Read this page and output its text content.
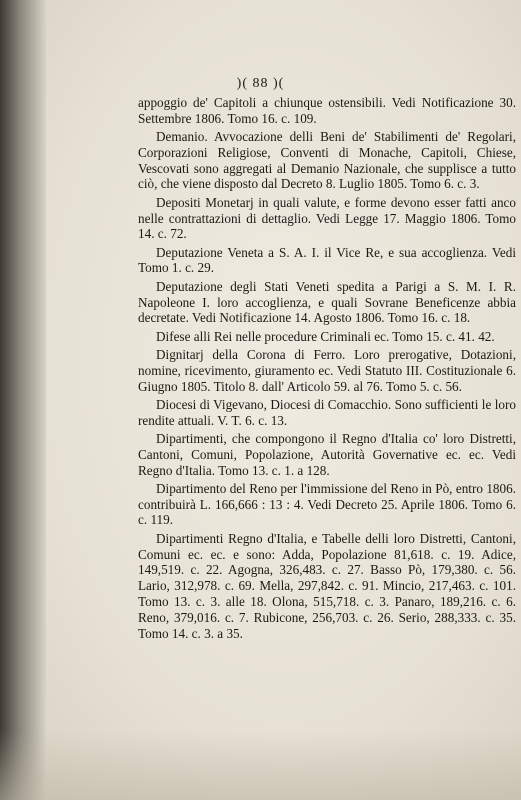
)( 88 )(

appoggio de' Capitoli a chiunque ostensibili. Vedi Notificazione 30. Settembre 1806. Tomo 16. c. 109.

Demanio. Avvocazione delli Beni de' Stabilimenti de' Regolari, Corporazioni Religiose, Conventi di Monache, Capitoli, Chiese, Vescovati sono aggregati al Demanio Nazionale, che supplisce a tutto ciò, che viene disposto dal Decreto 8. Luglio 1805. Tomo 6. c. 3.

Depositi Monetarj in quali valute, e forme devono esser fatti anco nelle contrattazioni di dettaglio. Vedi Legge 17. Maggio 1806. Tomo 14. c. 72.

Deputazione Veneta a S. A. I. il Vice Re, e sua accoglienza. Vedi Tomo 1. c. 29.

Deputazione degli Stati Veneti spedita a Parigi a S. M. I. R. Napoleone I. loro accoglienza, e quali Sovrane Beneficenze abbia decretate. Vedi Notificazione 14. Agosto 1806. Tomo 16. c. 18.

Difese alli Rei nelle procedure Criminali ec. Tomo 15. c. 41. 42.

Dignitarj della Corona di Ferro. Loro prerogative, Dotazioni, nomine, ricevimento, giuramento ec. Vedi Statuto III. Costituzionale 6. Giugno 1805. Titolo 8. dall' Articolo 59. al 76. Tomo 5. c. 56.

Diocesi di Vigevano, Diocesi di Comacchio. Sono sufficienti le loro rendite attuali. V. T. 6. c. 13.

Dipartimenti, che compongono il Regno d'Italia co' loro Distretti, Cantoni, Comuni, Popolazione, Autorità Governative ec. ec. Vedi Regno d'Italia. Tomo 13. c. 1. a 128.

Dipartimento del Reno per l'immissione del Reno in Pò, entro 1806. contribuirà L. 166,666 : 13 : 4. Vedi Decreto 25. Aprile 1806. Tomo 6. c. 119.

Dipartimenti Regno d'Italia, e Tabelle delli loro Distretti, Cantoni, Comuni ec. ec. e sono: Adda, Popolazione 81,618. c. 19. Adice, 149,519. c. 22. Agogna, 326,483. c. 27. Basso Pò, 179,380. c. 56. Lario, 312,978. c. 69. Mella, 297,842. c. 91. Mincio, 217,463. c. 101. Tomo 13. c. 3. alle 18. Olona, 515,718. c. 3. Panaro, 189,216. c. 6. Reno, 379,016. c. 7. Rubicone, 256,703. c. 26. Serio, 288,333. c. 35. Tomo 14. c. 3. a 35.
